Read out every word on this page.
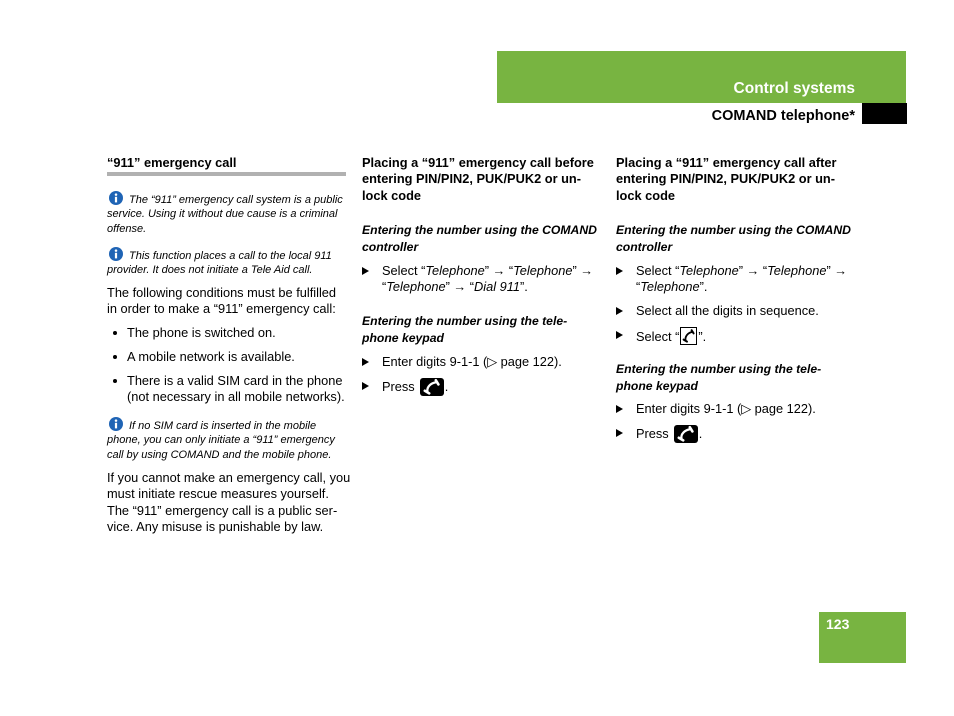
Control systems
COMAND telephone*
“911” emergency call
The “911” emergency call system is a public
service. Using it without due cause is a criminal
offense.
This function places a call to the local 911
provider. It does not initiate a Tele Aid call.
The following conditions must be fulfilled
in order to make a “911” emergency call:
The phone is switched on.
A mobile network is available.
There is a valid SIM card in the phone
(not necessary in all mobile networks).
If no SIM card is inserted in the mobile
phone, you can only initiate a “911” emergency
call by using COMAND and the mobile phone.
If you cannot make an emergency call, you
must initiate rescue measures yourself.
The “911” emergency call is a public ser-
vice. Any misuse is punishable by law.
Placing a “911” emergency call before
entering PIN/PIN2, PUK/PUK2 or un-
lock code
Entering the number using the COMAND
controller
Select “Telephone” → “Telephone” →
“Telephone” → “Dial 911”.
Entering the number using the tele-
phone keypad
Enter digits 9-1-1 (▷ page 122).
Press .
Placing a “911” emergency call after
entering PIN/PIN2, PUK/PUK2 or un-
lock code
Entering the number using the COMAND
controller
Select “Telephone” → “Telephone” →
“Telephone”.
Select all the digits in sequence.
Select “ ”.
Entering the number using the tele-
phone keypad
Enter digits 9-1-1 (▷ page 122).
Press .
123
